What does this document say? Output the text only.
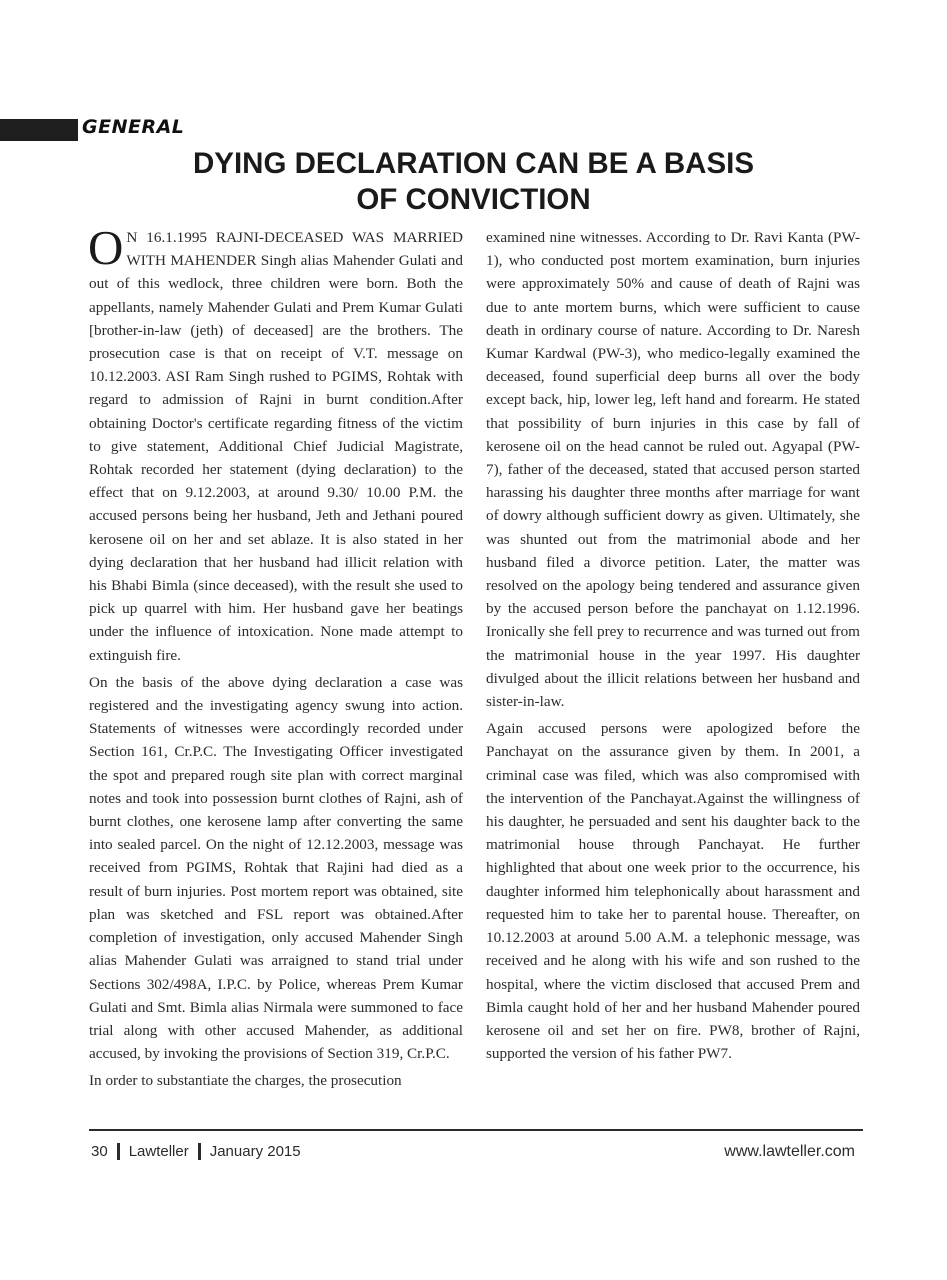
GENERAL
DYING DECLARATION CAN BE A BASIS
OF CONVICTION

O N 16.1.1995 RAJNI-DECEASED WAS MARRIED WITH MAHENDER Singh alias Mahender Gulati and out of this wedlock, three children were born. Both the appellants, namely Mahender Gulati and Prem Kumar Gulati [brother-in-law (jeth) of deceased] are the brothers. The prosecution case is that on receipt of V.T. message on 10.12.2003. ASI Ram Singh rushed to PGIMS, Rohtak with regard to admission of Rajni in burnt condition.After obtaining Doctor's certificate regarding fitness of the victim to give statement, Additional Chief Judicial Magistrate, Rohtak recorded her statement (dying declaration) to the effect that on 9.12.2003, at around 9.30/ 10.00 P.M. the accused persons being her husband, Jeth and Jethani poured kerosene oil on her and set ablaze. It is also stated in her dying declaration that her husband had illicit relation with his Bhabi Bimla (since deceased), with the result she used to pick up quarrel with him. Her husband gave her beatings under the influence of intoxication. None made attempt to extinguish fire.

On the basis of the above dying declaration a case was registered and the investigating agency swung into action. Statements of witnesses were accordingly recorded under Section 161, Cr.P.C. The Investigating Officer investigated the spot and prepared rough site plan with correct marginal notes and took into possession burnt clothes of Rajni, ash of burnt clothes, one kerosene lamp after converting the same into sealed parcel. On the night of 12.12.2003, message was received from PGIMS, Rohtak that Rajini had died as a result of burn injuries. Post mortem report was obtained, site plan was sketched and FSL report was obtained.After completion of investigation, only accused Mahender Singh alias Mahender Gulati was arraigned to stand trial under Sections 302/498A, I.P.C. by Police, whereas Prem Kumar Gulati and Smt. Bimla alias Nirmala were summoned to face trial along with other accused Mahender, as additional accused, by invoking the provisions of Section 319, Cr.P.C.

In order to substantiate the charges, the prosecution

examined nine witnesses. According to Dr. Ravi Kanta (PW-1), who conducted post mortem examination, burn injuries were approximately 50% and cause of death of Rajni was due to ante mortem burns, which were sufficient to cause death in ordinary course of nature. According to Dr. Naresh Kumar Kardwal (PW-3), who medico-legally examined the deceased, found superficial deep burns all over the body except back, hip, lower leg, left hand and forearm. He stated that possibility of burn injuries in this case by fall of kerosene oil on the head cannot be ruled out. Agyapal (PW-7), father of the deceased, stated that accused person started harassing his daughter three months after marriage for want of dowry although sufficient dowry as given. Ultimately, she was shunted out from the matrimonial abode and her husband filed a divorce petition. Later, the matter was resolved on the apology being tendered and assurance given by the accused person before the panchayat on 1.12.1996. Ironically she fell prey to recurrence and was turned out from the matrimonial house in the year 1997. His daughter divulged about the illicit relations between her husband and sister-in-law.

Again accused persons were apologized before the Panchayat on the assurance given by them. In 2001, a criminal case was filed, which was also compromised with the intervention of the Panchayat.Against the willingness of his daughter, he persuaded and sent his daughter back to the matrimonial house through Panchayat. He further highlighted that about one week prior to the occurrence, his daughter informed him telephonically about harassment and requested him to take her to parental house. Thereafter, on 10.12.2003 at around 5.00 A.M. a telephonic message, was received and he along with his wife and son rushed to the hospital, where the victim disclosed that accused Prem and Bimla caught hold of her and her husband Mahender poured kerosene oil and set her on fire. PW8, brother of Rajni, supported the version of his father PW7.

30 Lawteller January 2015	www.lawteller.com
